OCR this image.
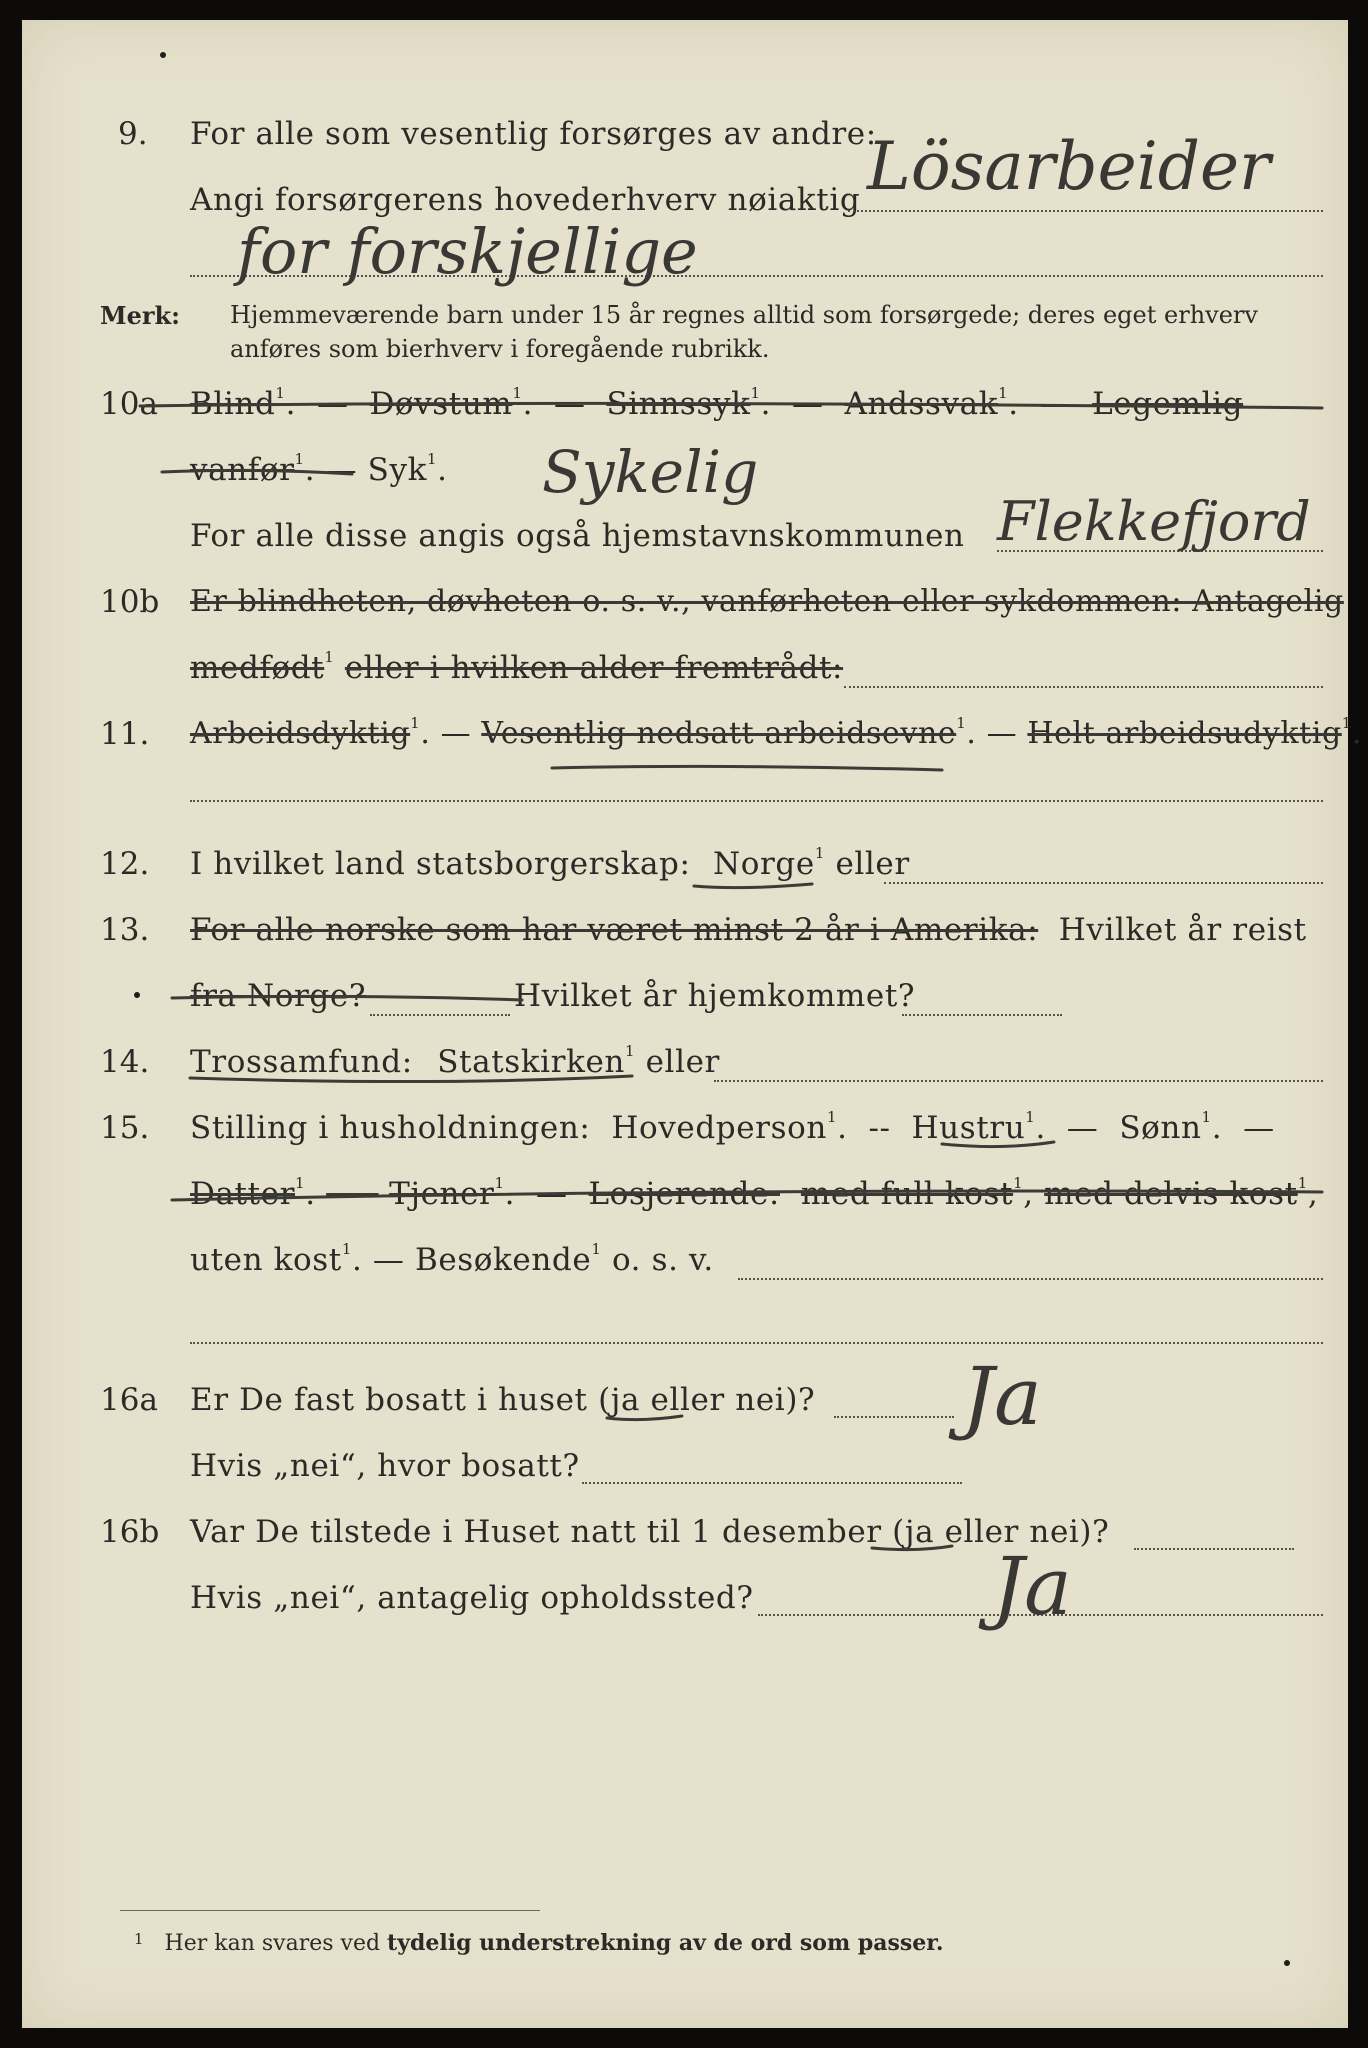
9. For alle som vesentlig forsørges av andre:
Angi forsørgerens hovederhverv nøiaktig Lösarbeider
for forskjellige
Merk: Hjemmeværende barn under 15 år regnes alltid som forsørgede; deres eget erhverv
anføres som bierhverv i foregående rubrikk.
10a Blind$^1$.  —  Døvstum$^1$.  —  Sinnssyk$^1$.  —  Andssvak$^1$.  —  Legemlig
vanfør$^1$. — Syk$^1$. Sykelig
For alle disse angis også hjemstavnskommunen Flekkefjord
10b Er blindheten, døvheten o. s. v., vanførheten eller sykdommen: Antagelig
medfødt$^1$ eller i hvilken alder fremtrådt:
11. Arbeidsdyktig$^1$. — Vesentlig nedsatt arbeidsevne$^1$. — Helt arbeidsudyktig$^1$.
12. I hvilket land statsborgerskap: Norge$^1$ eller
13. For alle norske som har været minst 2 år i Amerika: Hvilket år reist
fra Norge?	Hvilket år hjemkommet?
14. Trossamfund: Statskirken$^1$ eller
15. Stilling i husholdningen: Hovedperson$^1$.  --  Hustru$^1$.  —  Sønn$^1$.  —
Datter$^1$.  —  Tjener$^1$.  —  Losjerende: med full kost$^1$, med delvis kost$^1$,
uten kost$^1$. — Besøkende$^1$ o. s. v.
16a Er De fast bosatt i huset (ja eller nei)?
Hvis „nei“, hvor bosatt?
Ja
16b Var De tilstede i Huset natt til 1 desember (ja eller nei)?
Hvis „nei“, antagelig opholdssted?	Ja
$^1$ Her kan svares ved tydelig understrekning av de ord som passer.
